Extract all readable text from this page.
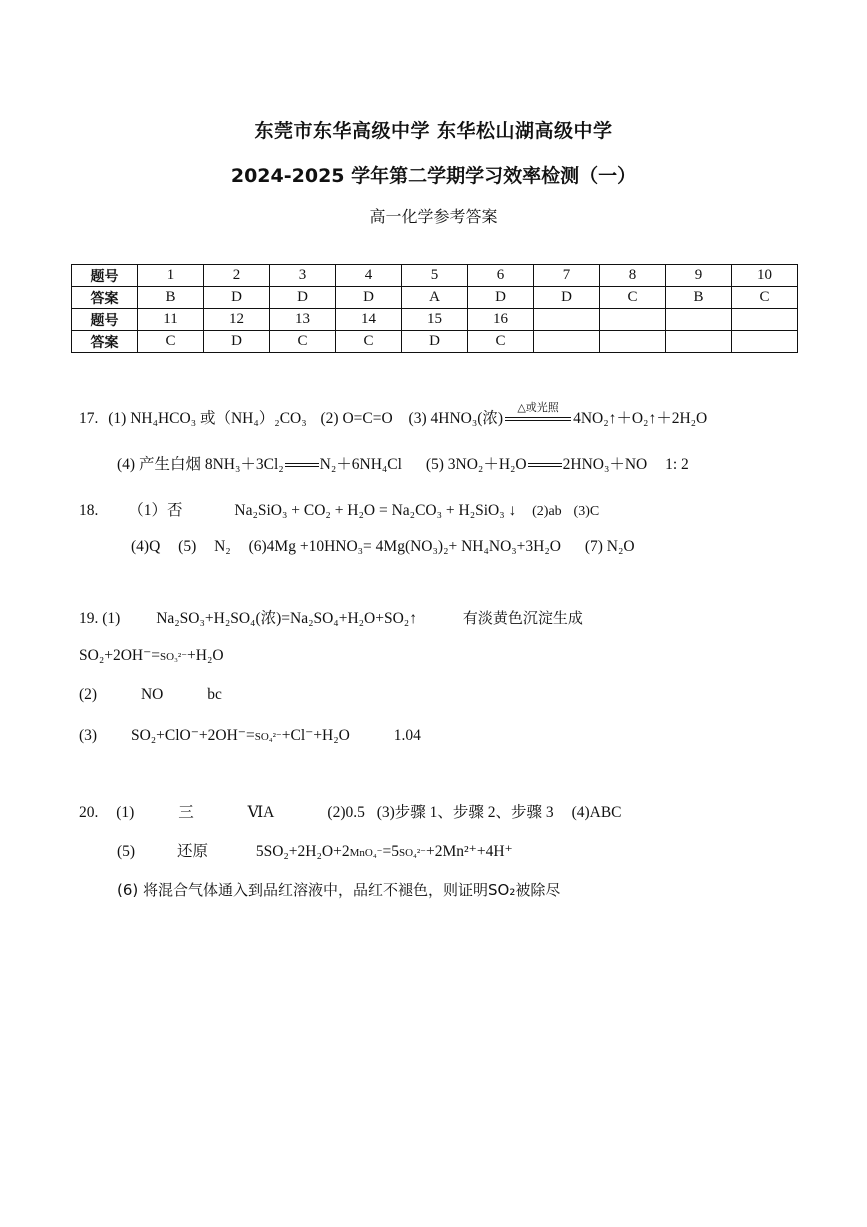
东莞市东华高级中学 东华松山湖高级中学
2024-2025 学年第二学期学习效率检测（一）
高一化学参考答案
题号	1	2	3	4	5	6	7	8	9	10
答案	B	D	D	D	A	D	D	C	B	C
题号	11	12	13	14	15	16				
答案	C	D	C	C	D	C				
17. (1) NH₄HCO₃ 或（NH₄）₂CO₃ (2) O=C=O (3) 4HNO₃(浓)
△或光照
4NO₂↑＋O₂↑＋2H₂O
(4) 产生白烟 8NH₃＋3Cl₂ N₂＋6NH₄Cl (5) 3NO₂＋H₂O 2HNO₃＋NO 1: 2
18. （1）否	Na₂SiO₃ + CO₂ + H₂O = Na₂CO₃ + H₂SiO₃ ↓ (2)ab (3)C
(4)Q (5) N₂ (6)4Mg +10HNO₃= 4Mg(NO₃)₂+ NH₄NO₃+3H₂O (7) N₂O
19. (1) Na₂SO₃+H₂SO₄(浓)=Na₂SO₄+H₂O+SO₂↑	有淡黄色沉淀生成
SO₂+2OH⁻=SO₃²⁻+H₂O
(2)	NO	bc
(3) SO₂+ClO⁻+2OH⁻=SO₄²⁻+Cl⁻+H₂O	1.04
20. (1)	三	ⅥA	(2)0.5 (3)步骤 1、步骤 2、步骤 3 (4)ABC
(5)	还原	5SO₂+2H₂O+2MnO₄⁻=5SO₄²⁻+2Mn²⁺+4H⁺
(6) 将混合气体通入到品红溶液中，品红不褪色，则证明SO₂被除尽
